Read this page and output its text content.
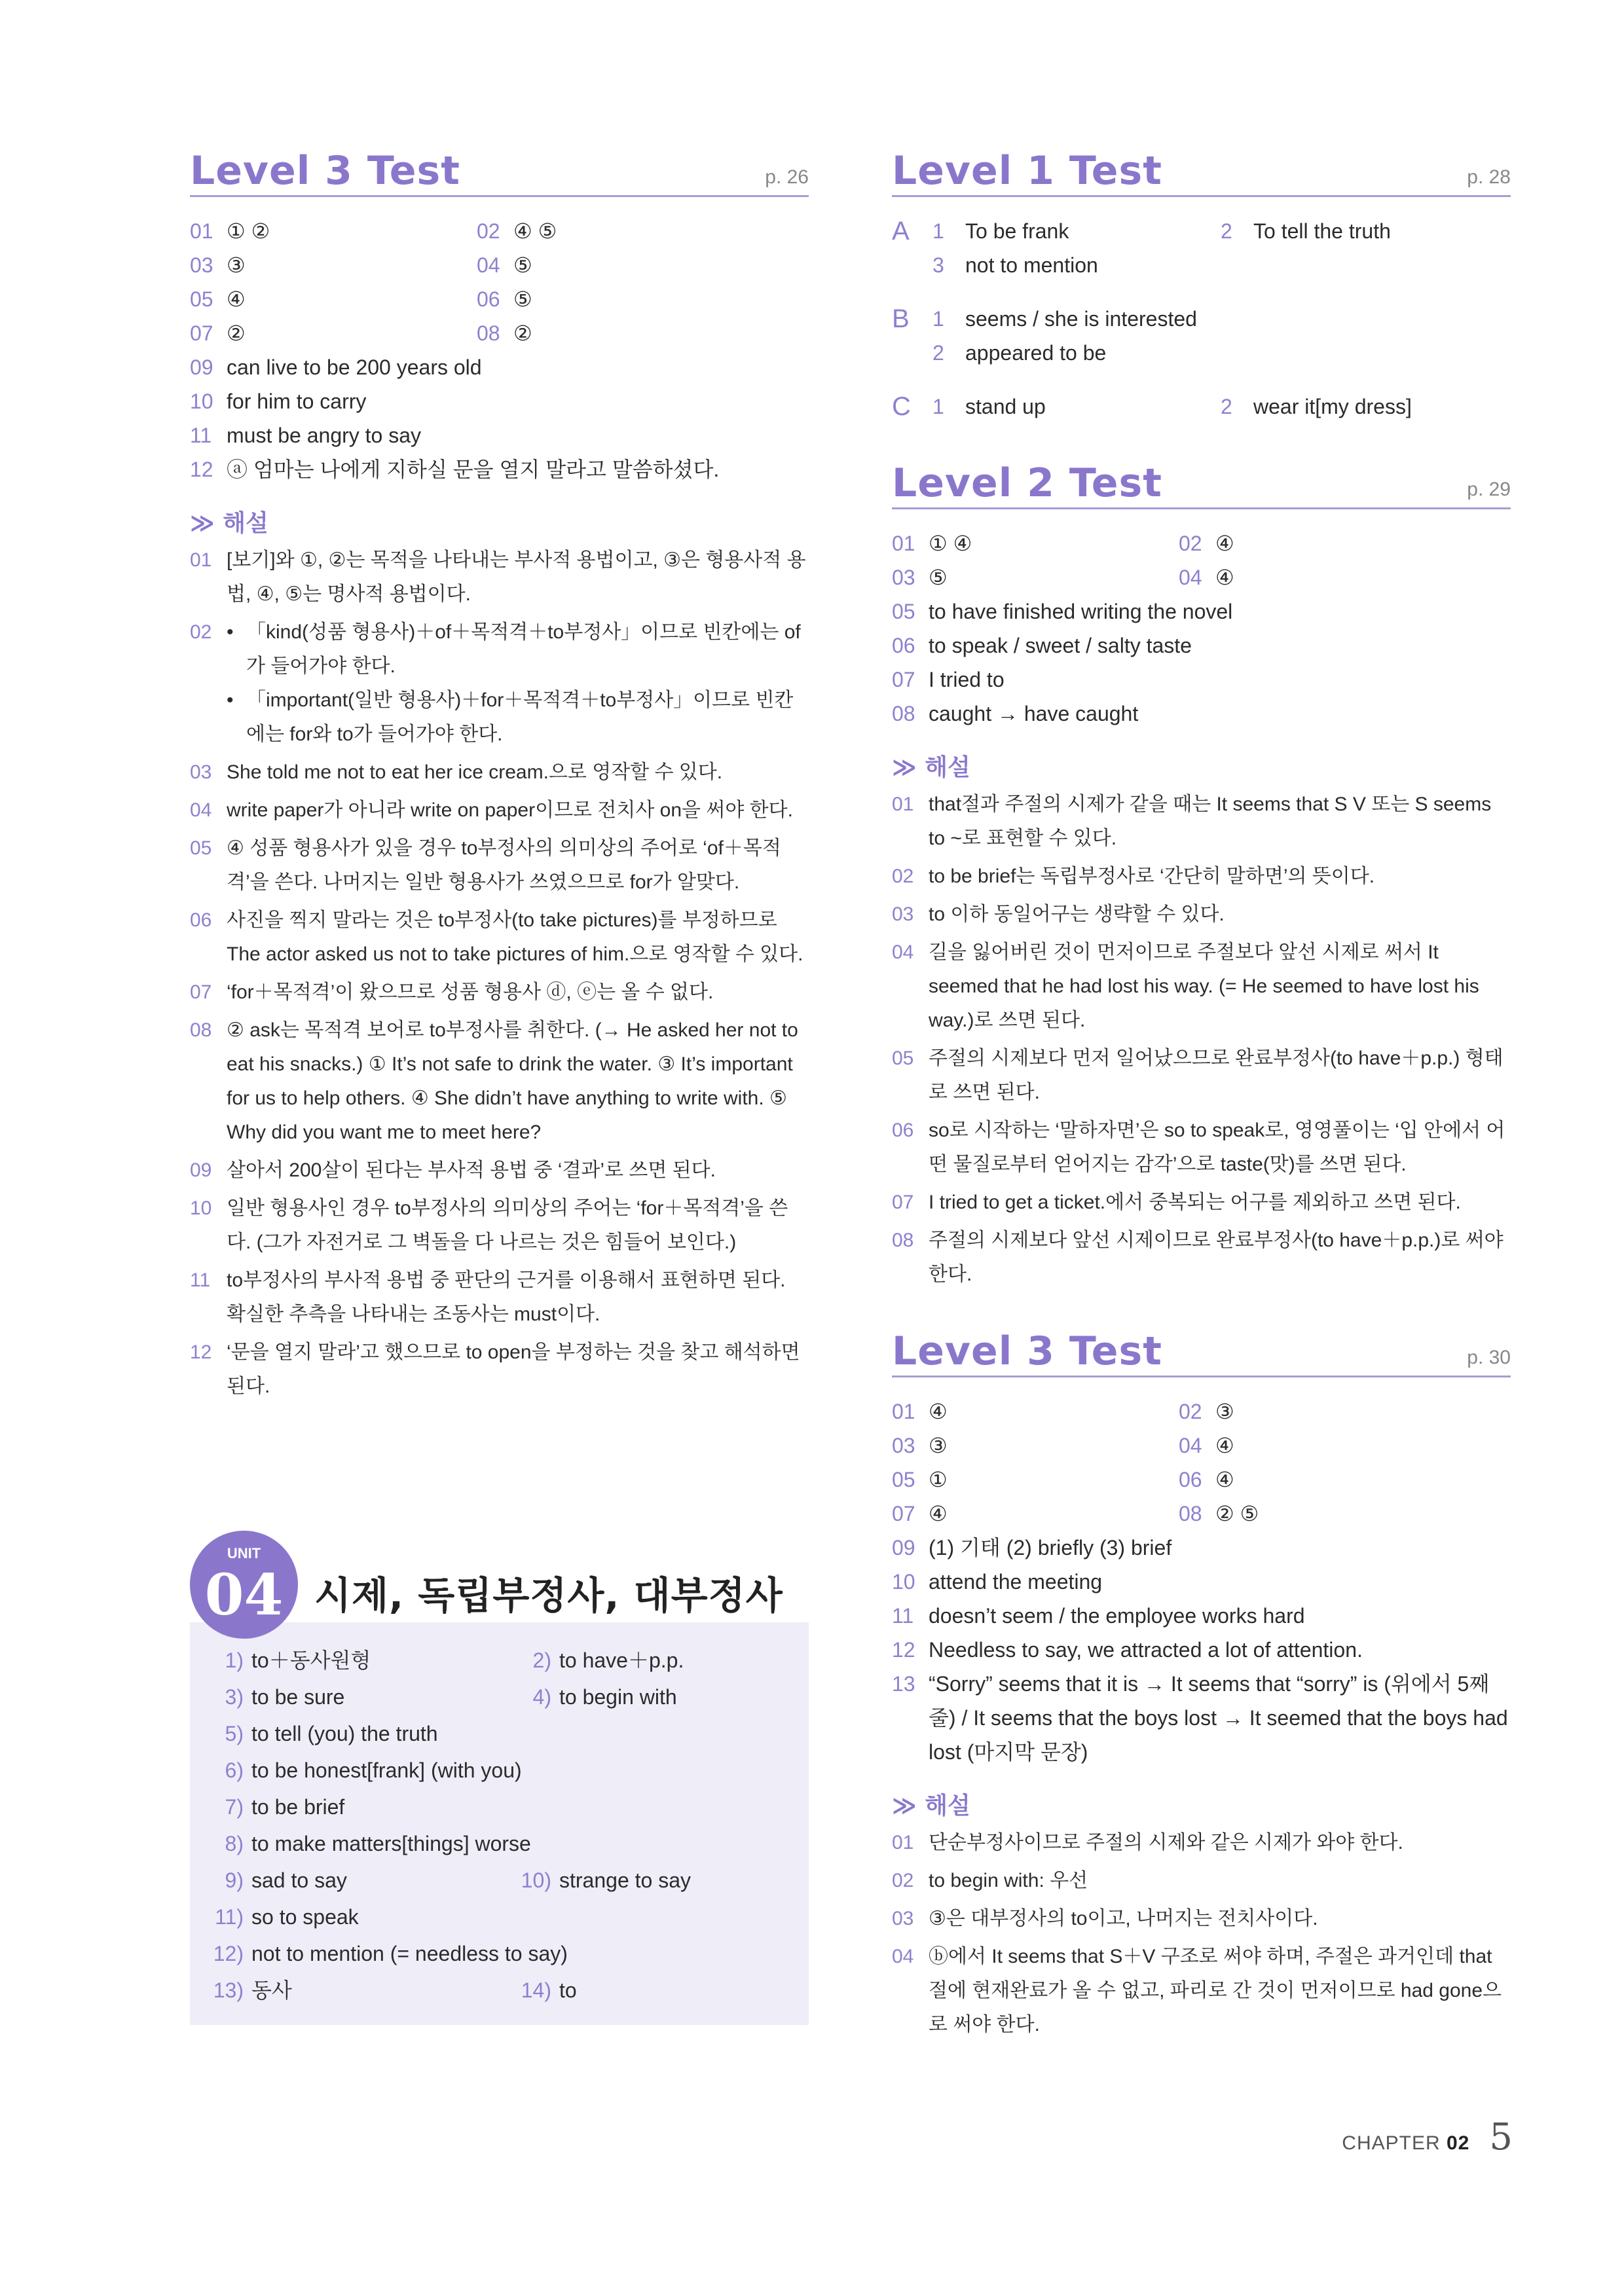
Level 3 Test	p. 26
01 ① ②	02 ④ ⑤
03 ③	04 ⑤
05 ④	06 ⑤
07 ②	08 ②
09 can live to be 200 years old
10 for him to carry
11 must be angry to say
12 ⓐ 엄마는 나에게 지하실 문을 열지 말라고 말씀하셨다.
≫ 해설
01 [보기]와 ①, ②는 목적을 나타내는 부사적 용법이고, ③은 형용사적 용법, ④, ⑤는 명사적 용법이다.
02 • 「kind(성품 형용사)＋of＋목적격＋to부정사」이므로 빈칸에는 of가 들어가야 한다.
• 「important(일반 형용사)＋for＋목적격＋to부정사」이므로 빈칸에는 for와 to가 들어가야 한다.
03 She told me not to eat her ice cream.으로 영작할 수 있다.
04 write paper가 아니라 write on paper이므로 전치사 on을 써야 한다.
05 ④ 성품 형용사가 있을 경우 to부정사의 의미상의 주어로 ‘of＋목적격’을 쓴다. 나머지는 일반 형용사가 쓰였으므로 for가 알맞다.
06 사진을 찍지 말라는 것은 to부정사(to take pictures)를 부정하므로 The actor asked us not to take pictures of him.으로 영작할 수 있다.
07 ‘for＋목적격’이 왔으므로 성품 형용사 ⓓ, ⓔ는 올 수 없다.
08 ② ask는 목적격 보어로 to부정사를 취한다. (→ He asked her not to eat his snacks.) ① It’s not safe to drink the water. ③ It’s important for us to help others. ④ She didn’t have anything to write with. ⑤ Why did you want me to meet here?
09 살아서 200살이 된다는 부사적 용법 중 ‘결과’로 쓰면 된다.
10 일반 형용사인 경우 to부정사의 의미상의 주어는 ‘for＋목적격’을 쓴다. (그가 자전거로 그 벽돌을 다 나르는 것은 힘들어 보인다.)
11 to부정사의 부사적 용법 중 판단의 근거를 이용해서 표현하면 된다. 확실한 추측을 나타내는 조동사는 must이다.
12 ‘문을 열지 말라’고 했으므로 to open을 부정하는 것을 찾고 해석하면 된다.
1) to＋동사원형	2) to have＋p.p.
3) to be sure	4) to begin with
5) to tell (you) the truth
6) to be honest[frank] (with you)
7) to be brief
8) to make matters[things] worse
9) sad to say	10) strange to say
11) so to speak
12) not to mention (= needless to say)
13) 동사	14) to
UNIT
04 시제, 독립부정사, 대부정사
Level 1 Test	p. 28
A	1	To be frank	2	To tell the truth
3	not to mention
B	1	seems / she is interested
2	appeared to be
C	1	stand up	2	wear it[my dress]
Level 2 Test	p. 29
01 ① ④	02 ④
03 ⑤	04 ④
05 to have finished writing the novel
06 to speak / sweet / salty taste
07 I tried to
08 caught → have caught
≫ 해설
01 that절과 주절의 시제가 같을 때는 It seems that S V 또는 S seems to ~로 표현할 수 있다.
02 to be brief는 독립부정사로 ‘간단히 말하면’의 뜻이다.
03 to 이하 동일어구는 생략할 수 있다.
04 길을 잃어버린 것이 먼저이므로 주절보다 앞선 시제로 써서 It seemed that he had lost his way. (= He seemed to have lost his way.)로 쓰면 된다.
05 주절의 시제보다 먼저 일어났으므로 완료부정사(to have＋p.p.) 형태로 쓰면 된다.
06 so로 시작하는 ‘말하자면’은 so to speak로, 영영풀이는 ‘입 안에서 어떤 물질로부터 얻어지는 감각’으로 taste(맛)를 쓰면 된다.
07 I tried to get a ticket.에서 중복되는 어구를 제외하고 쓰면 된다.
08 주절의 시제보다 앞선 시제이므로 완료부정사(to have＋p.p.)로 써야 한다.
Level 3 Test	p. 30
01 ④	02 ③
03 ③	04 ④
05 ①	06 ④
07 ④	08 ② ⑤
09 (1) 기태 (2) briefly (3) brief
10 attend the meeting
11 doesn’t seem / the employee works hard
12 Needless to say, we attracted a lot of attention.
13 “Sorry” seems that it is → It seems that “sorry” is (위에서 5째 줄) / It seems that the boys lost → It seemed that the boys had lost (마지막 문장)
≫ 해설
01 단순부정사이므로 주절의 시제와 같은 시제가 와야 한다.
02 to begin with: 우선
03 ③은 대부정사의 to이고, 나머지는 전치사이다.
04 ⓑ에서 It seems that S＋V 구조로 써야 하며, 주절은 과거인데 that절에 현재완료가 올 수 없고, 파리로 간 것이 먼저이므로 had gone으로 써야 한다.
CHAPTER 02 5
